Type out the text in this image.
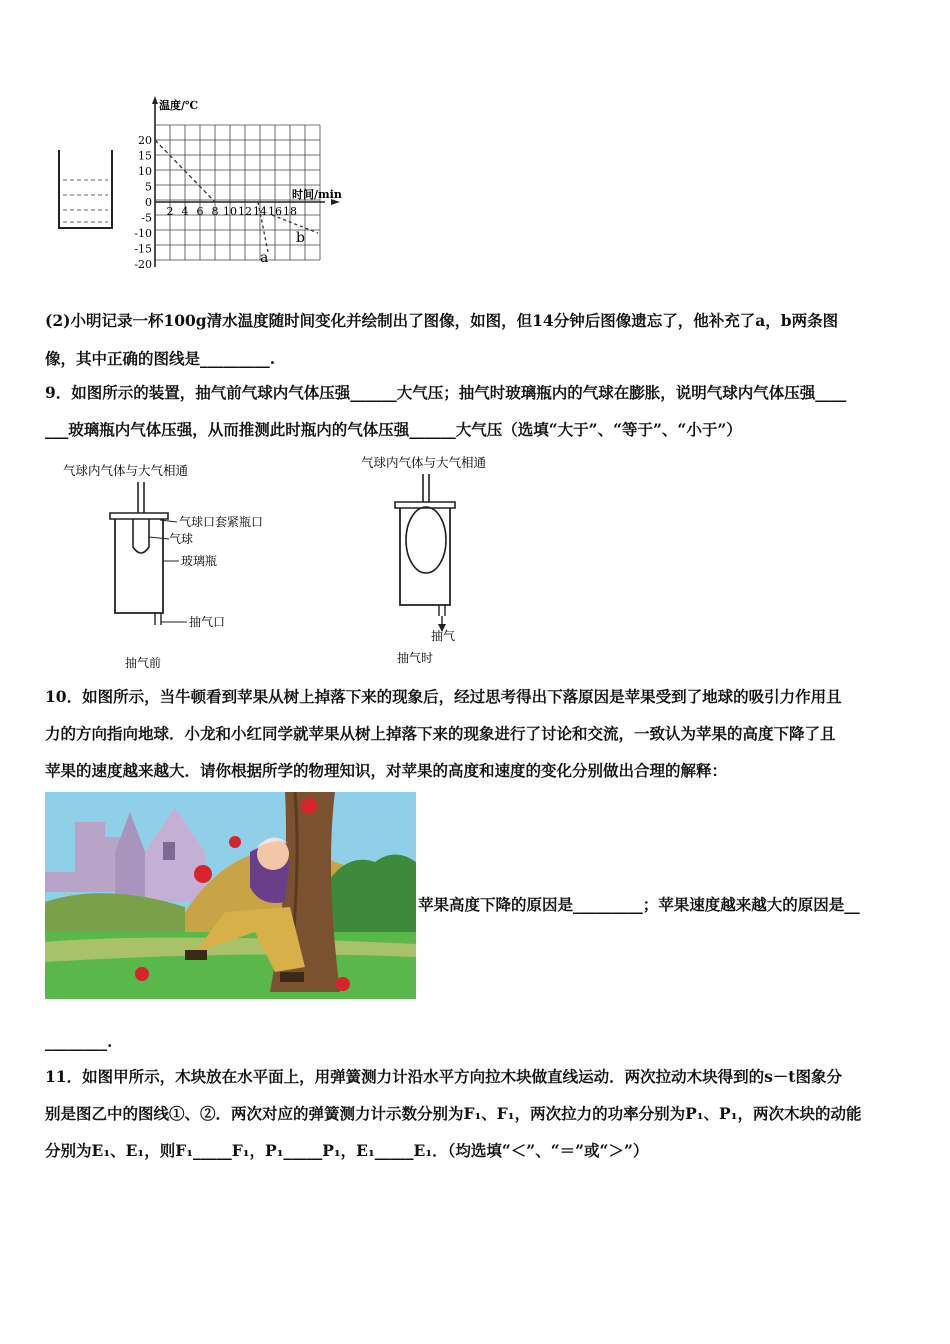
温度/℃
时间/min
20
15
10
5
0
-5
-10
-15
-20
2 4 6 8 10 12 14 16 18
a
b
(2)小明记录一杯100g清水温度随时间变化并绘制出了图像，如图，但14分钟后图像遗忘了，他补充了a，b两条图
像，其中正确的图线是_________.
9．如图所示的装置，抽气前气球内气体压强______大气压；抽气时玻璃瓶内的气球在膨胀，说明气球内气体压强____
___玻璃瓶内气体压强，从而推测此时瓶内的气体压强______大气压（选填“大于”、“等于”、“小于”）
气球内气体与大气相通
气球口套紧瓶口
气球
玻璃瓶
抽气口
抽气前
气球内气体与大气相通
抽气
抽气时
10．如图所示，当牛顿看到苹果从树上掉落下来的现象后，经过思考得出下落原因是苹果受到了地球的吸引力作用且
力的方向指向地球．小龙和小红同学就苹果从树上掉落下来的现象进行了讨论和交流，一致认为苹果的高度下降了且
苹果的速度越来越大．请你根据所学的物理知识，对苹果的高度和速度的变化分别做出合理的解释：
苹果高度下降的原因是_________；苹果速度越来越大的原因是__
________.
11．如图甲所示，木块放在水平面上，用弹簧测力计沿水平方向拉木块做直线运动．两次拉动木块得到的s－t图象分
别是图乙中的图线①、②．两次对应的弹簧测力计示数分别为F₁、F₁，两次拉力的功率分别为P₁、P₁，两次木块的动能
分别为E₁、E₁，则F₁_____F₁，P₁_____P₁，E₁_____E₁．（均选填“＜”、“＝”或“＞”）
